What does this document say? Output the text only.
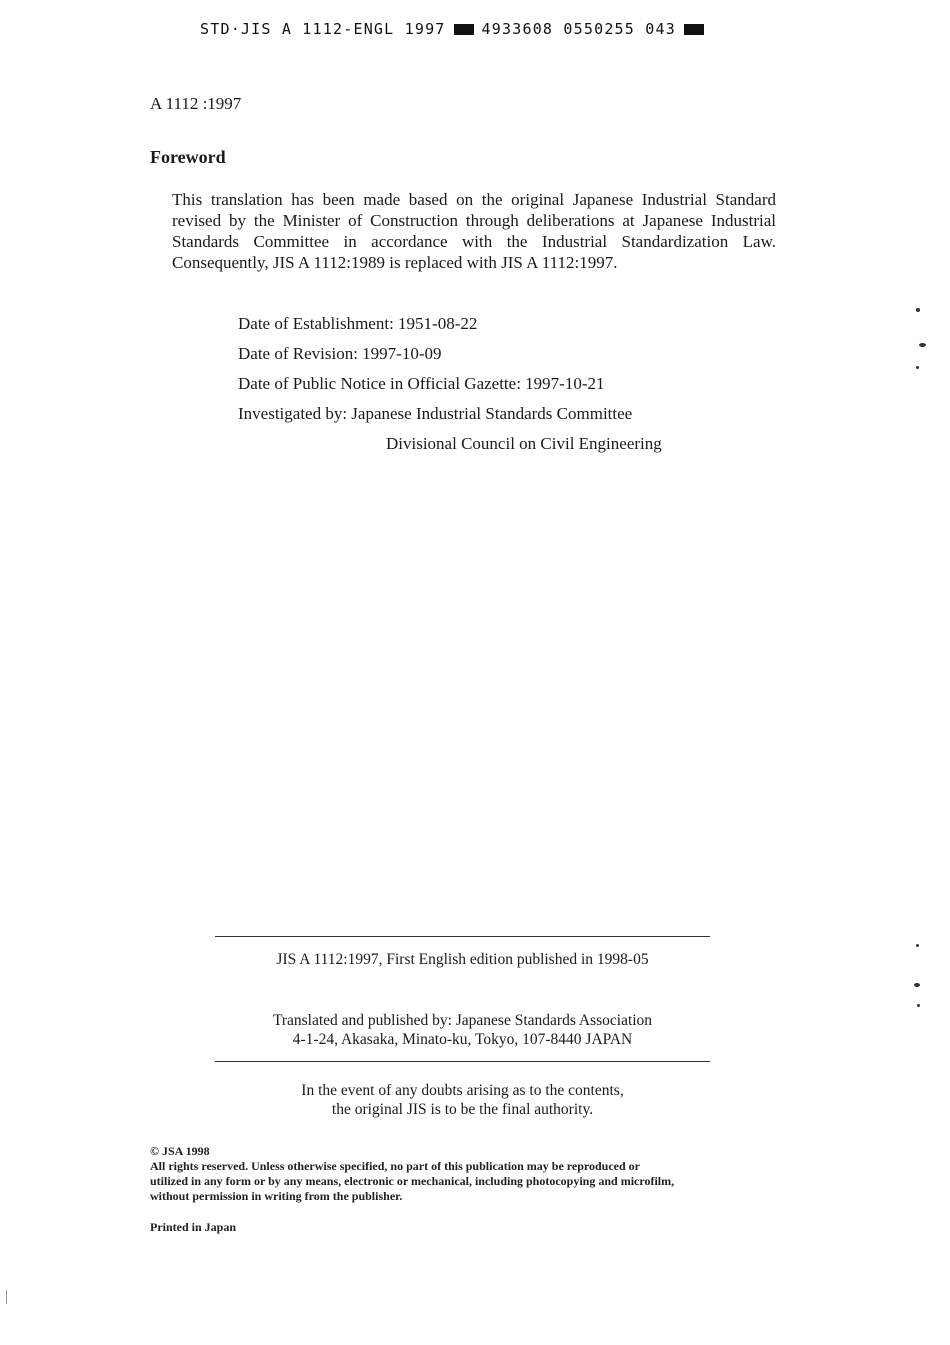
STD·JIS A 1112-ENGL 1997 4933608 0550255 043
A 1112 :1997
Foreword
This translation has been made based on the original Japanese Industrial Standard revised by the Minister of Construction through deliberations at Japanese Industrial Standards Committee in accordance with the Industrial Standardization Law. Consequently, JIS A 1112:1989 is replaced with JIS A 1112:1997.
Date of Establishment: 1951-08-22
Date of Revision: 1997-10-09
Date of Public Notice in Official Gazette: 1997-10-21
Investigated by: Japanese Industrial Standards Committee
Divisional Council on Civil Engineering
JIS A 1112:1997, First English edition published in 1998-05
Translated and published by: Japanese Standards Association
4-1-24, Akasaka, Minato-ku, Tokyo, 107-8440 JAPAN
In the event of any doubts arising as to the contents,
the original JIS is to be the final authority.
© JSA 1998
All rights reserved. Unless otherwise specified, no part of this publication may be reproduced or
utilized in any form or by any means, electronic or mechanical, including photocopying and microfilm,
without permission in writing from the publisher.
Printed in Japan
